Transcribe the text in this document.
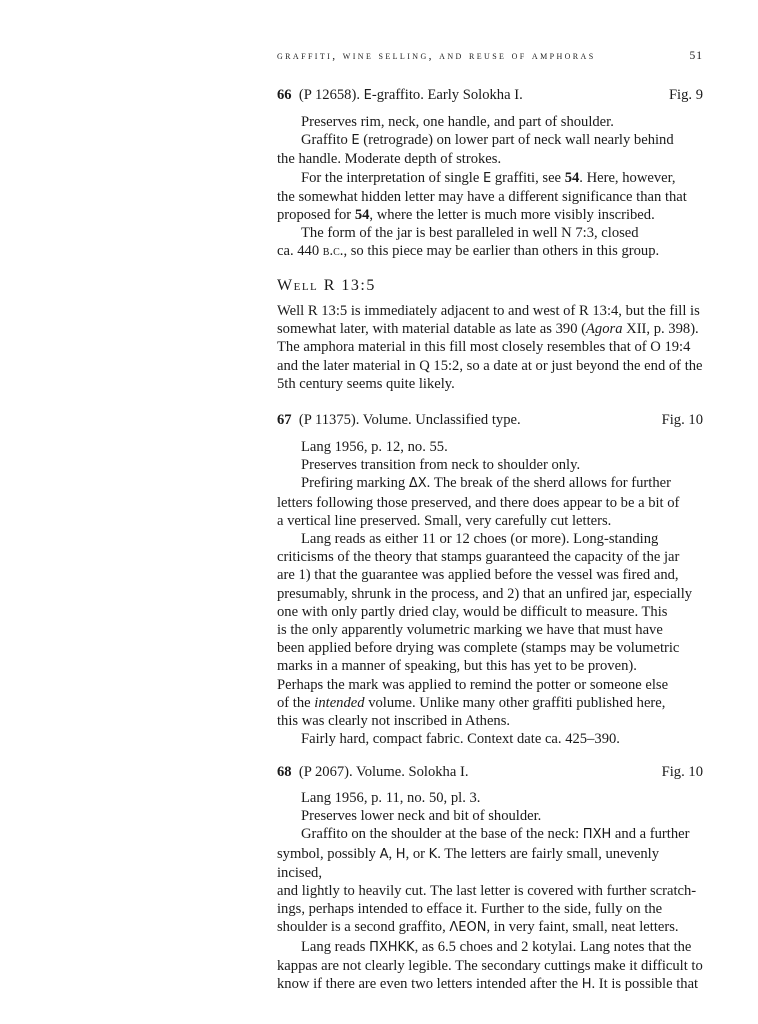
graffiti, wine selling, and reuse of amphoras	51
66 (P 12658). E-graffito. Early Solokha I.	Fig. 9

Preserves rim, neck, one handle, and part of shoulder.

Graffito E (retrograde) on lower part of neck wall nearly behind

the handle. Moderate depth of strokes.

For the interpretation of single E graffiti, see 54. Here, however,

the somewhat hidden letter may have a different significance than that

proposed for 54, where the letter is much more visibly inscribed.

The form of the jar is best paralleled in well N 7:3, closed

ca. 440 b.c., so this piece may be earlier than others in this group.

Well R 13:5

Well R 13:5 is immediately adjacent to and west of R 13:4, but the fill is

somewhat later, with material datable as late as 390 (Agora XII, p. 398).

The amphora material in this fill most closely resembles that of O 19:4

and the later material in Q 15:2, so a date at or just beyond the end of the

5th century seems quite likely.

67 (P 11375). Volume. Unclassified type.	Fig. 10

Lang 1956, p. 12, no. 55.

Preserves transition from neck to shoulder only.

Prefiring marking ΔΧ. The break of the sherd allows for further

letters following those preserved, and there does appear to be a bit of

a vertical line preserved. Small, very carefully cut letters.

Lang reads as either 11 or 12 choes (or more). Long-standing

criticisms of the theory that stamps guaranteed the capacity of the jar

are 1) that the guarantee was applied before the vessel was fired and,

presumably, shrunk in the process, and 2) that an unfired jar, especially

one with only partly dried clay, would be difficult to measure. This

is the only apparently volumetric marking we have that must have

been applied before drying was complete (stamps may be volumetric

marks in a manner of speaking, but this has yet to be proven).

Perhaps the mark was applied to remind the potter or someone else

of the intended volume. Unlike many other graffiti published here,

this was clearly not inscribed in Athens.

Fairly hard, compact fabric. Context date ca. 425–390.

68 (P 2067). Volume. Solokha I.	Fig. 10

Lang 1956, p. 11, no. 50, pl. 3.

Preserves lower neck and bit of shoulder.

Graffito on the shoulder at the base of the neck: ΠΧΗ and a further

symbol, possibly A, H, or K. The letters are fairly small, unevenly incised,

and lightly to heavily cut. The last letter is covered with further scratch-

ings, perhaps intended to efface it. Further to the side, fully on the

shoulder is a second graffito, ΛΕΟΝ, in very faint, small, neat letters.

Lang reads ΠΧΗΚΚ, as 6.5 choes and 2 kotylai. Lang notes that the

kappas are not clearly legible. The secondary cuttings make it difficult to

know if there are even two letters intended after the H. It is possible that
